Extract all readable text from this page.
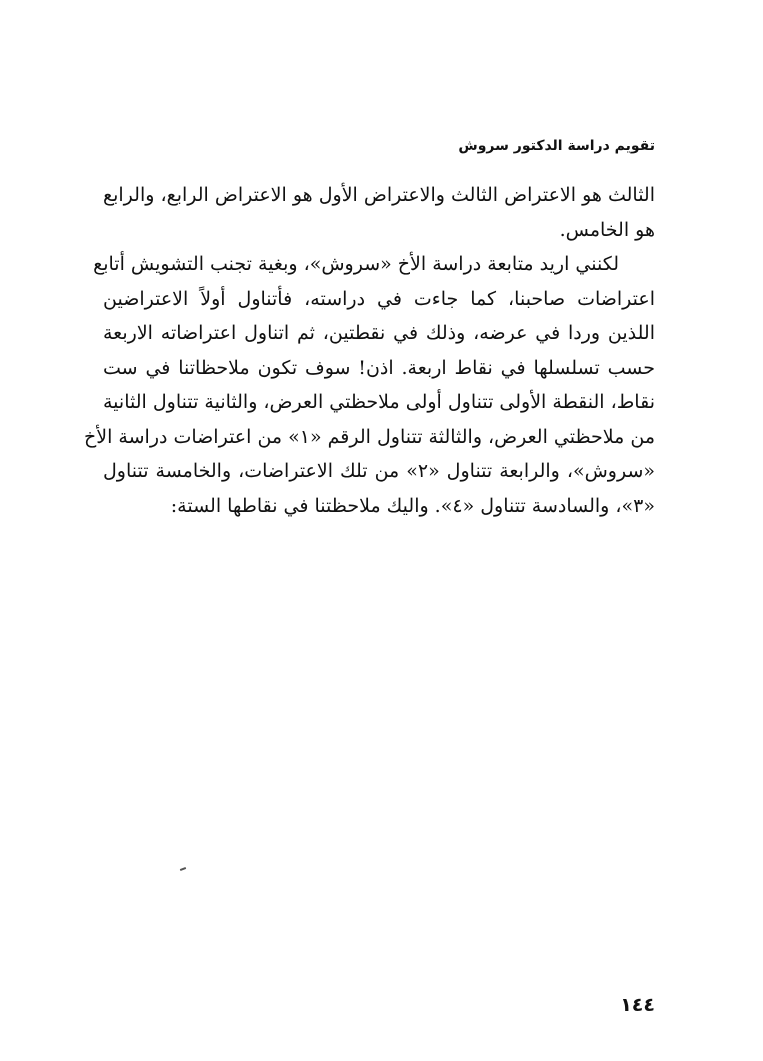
تقويم دراسة الدكتور سروش
الثالث هو الاعتراض الثالث والاعتراض الأول هو الاعتراض الرابع، والرابع
هو الخامس.
لكنني اريد متابعة دراسة الأخ «سروش»، وبغية تجنب التشويش أتابع
اعتراضات صاحبنا، كما جاءت في دراسته، فأتناول أولاً الاعتراضين
اللذين وردا في عرضه، وذلك في نقطتين، ثم اتناول اعتراضاته الاربعة
حسب تسلسلها في نقاط اربعة. اذن! سوف تكون ملاحظاتنا في ست
نقاط، النقطة الأولى تتناول أولى ملاحظتي العرض، والثانية تتناول الثانية
من ملاحظتي العرض، والثالثة تتناول الرقم «١» من اعتراضات دراسة الأخ
«سروش»، والرابعة تتناول «٢» من تلك الاعتراضات، والخامسة تتناول
«٣»، والسادسة تتناول «٤». واليك ملاحظتنا في نقاطها الستة:
١٤٤
